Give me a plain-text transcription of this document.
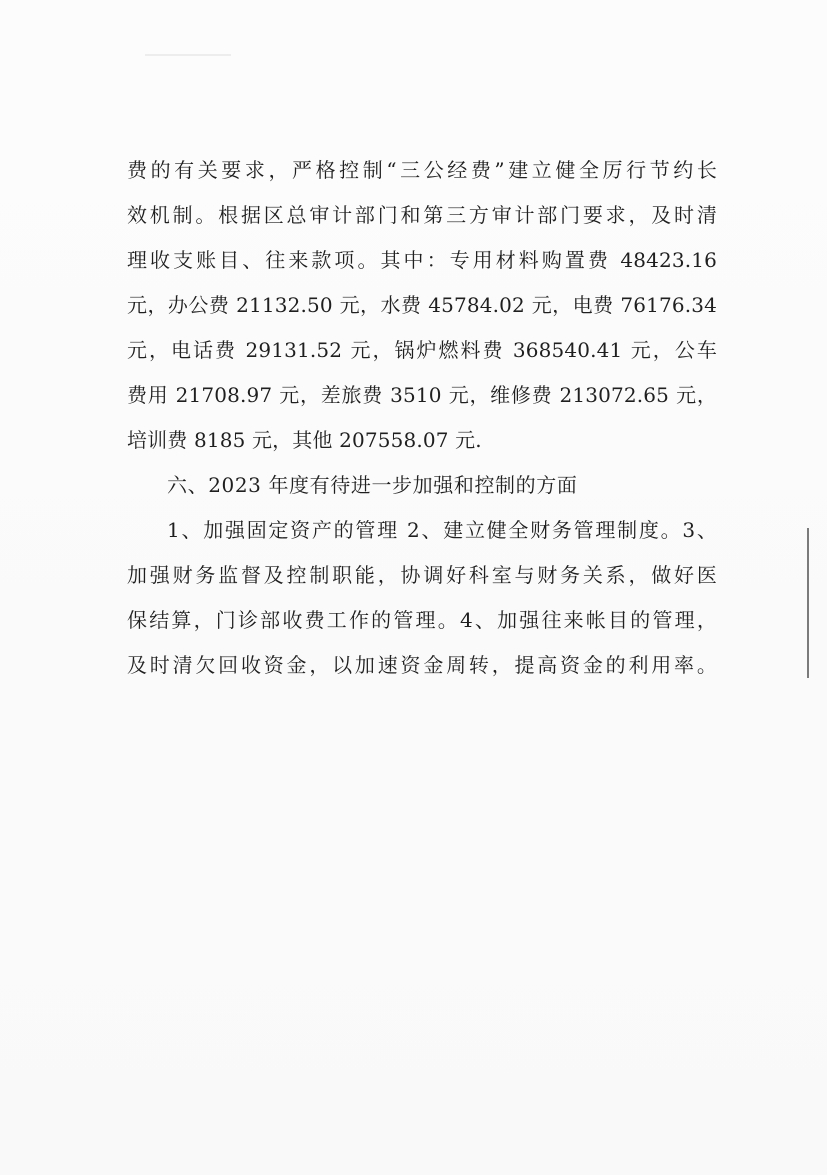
费的有关要求，严格控制“三公经费”建立健全厉行节约长
效机制。根据区总审计部门和第三方审计部门要求，及时清
理收支账目、往来款项。其中：专用材料购置费 48423.16
元，办公费 21132.50 元，水费 45784.02 元，电费 76176.34
元，电话费 29131.52 元，锅炉燃料费 368540.41 元，公车
费用 21708.97 元，差旅费 3510 元，维修费 213072.65 元，
培训费 8185 元，其他 207558.07 元.
六、2023 年度有待进一步加强和控制的方面
1、加强固定资产的管理 2、建立健全财务管理制度。3、
加强财务监督及控制职能，协调好科室与财务关系，做好医
保结算，门诊部收费工作的管理。4、加强往来帐目的管理，
及时清欠回收资金，以加速资金周转，提高资金的利用率。
